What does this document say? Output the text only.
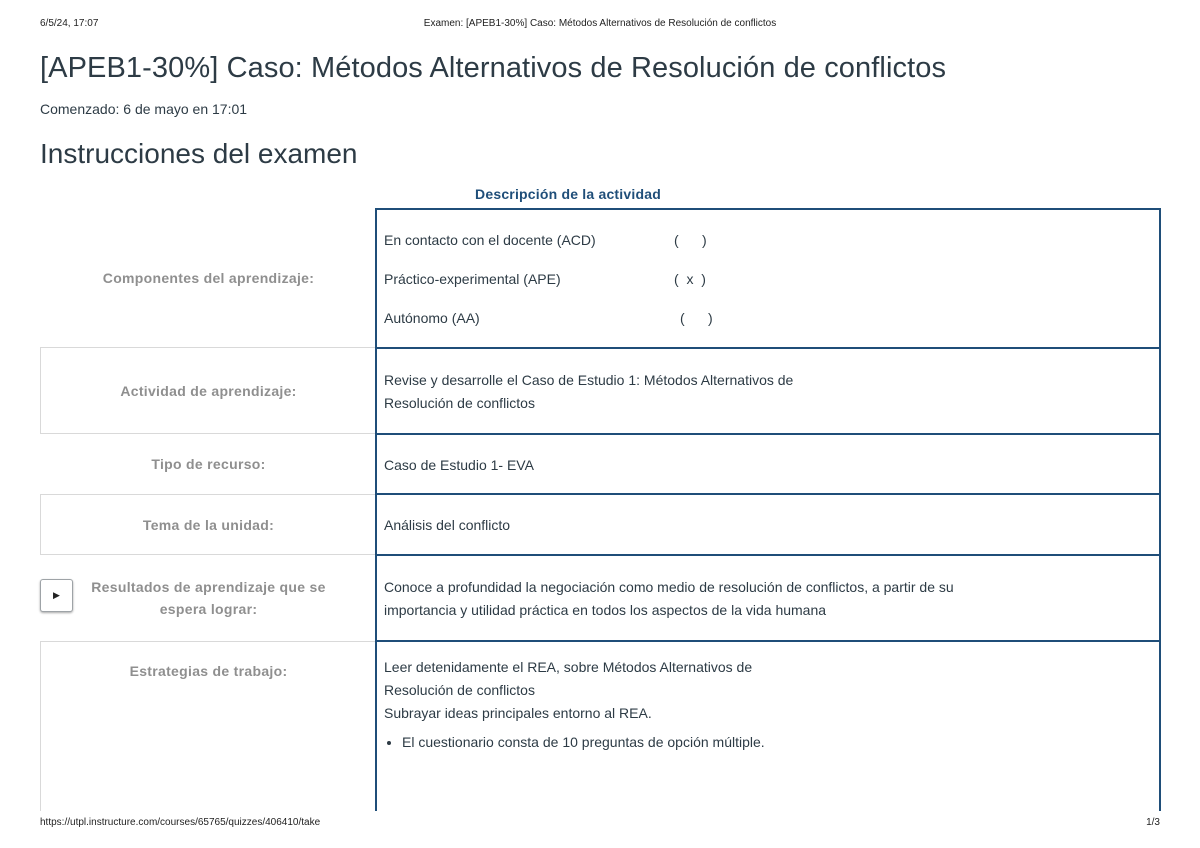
6/5/24, 17:07	Examen: [APEB1-30%] Caso: Métodos Alternativos de Resolución de conflictos
[APEB1-30%] Caso: Métodos Alternativos de Resolución de conflictos
Comenzado: 6 de mayo en 17:01
Instrucciones del examen
Descripción de la actividad
Componentes del aprendizaje:
En contacto con el docente (ACD)	(      )
Práctico-experimental (APE)	(  x  )
Autónomo (AA)	(      )
Actividad de aprendizaje:
Revise y desarrolle el Caso de Estudio 1: Métodos Alternativos de
Resolución de conflictos
Tipo de recurso:	Caso de Estudio 1- EVA
Tema de la unidad:	Análisis del conflicto
Resultados de aprendizaje que se
espera lograr:
Conoce a profundidad la negociación como medio de resolución de conflictos, a partir de su
importancia y utilidad práctica en todos los aspectos de la vida humana
Estrategias de trabajo:	Leer detenidamente el REA, sobre Métodos Alternativos de
Resolución de conflictos
Subrayar ideas principales entorno al REA.
• El cuestionario consta de 10 preguntas de opción múltiple.
▶
https://utpl.instructure.com/courses/65765/quizzes/406410/take	1/3
